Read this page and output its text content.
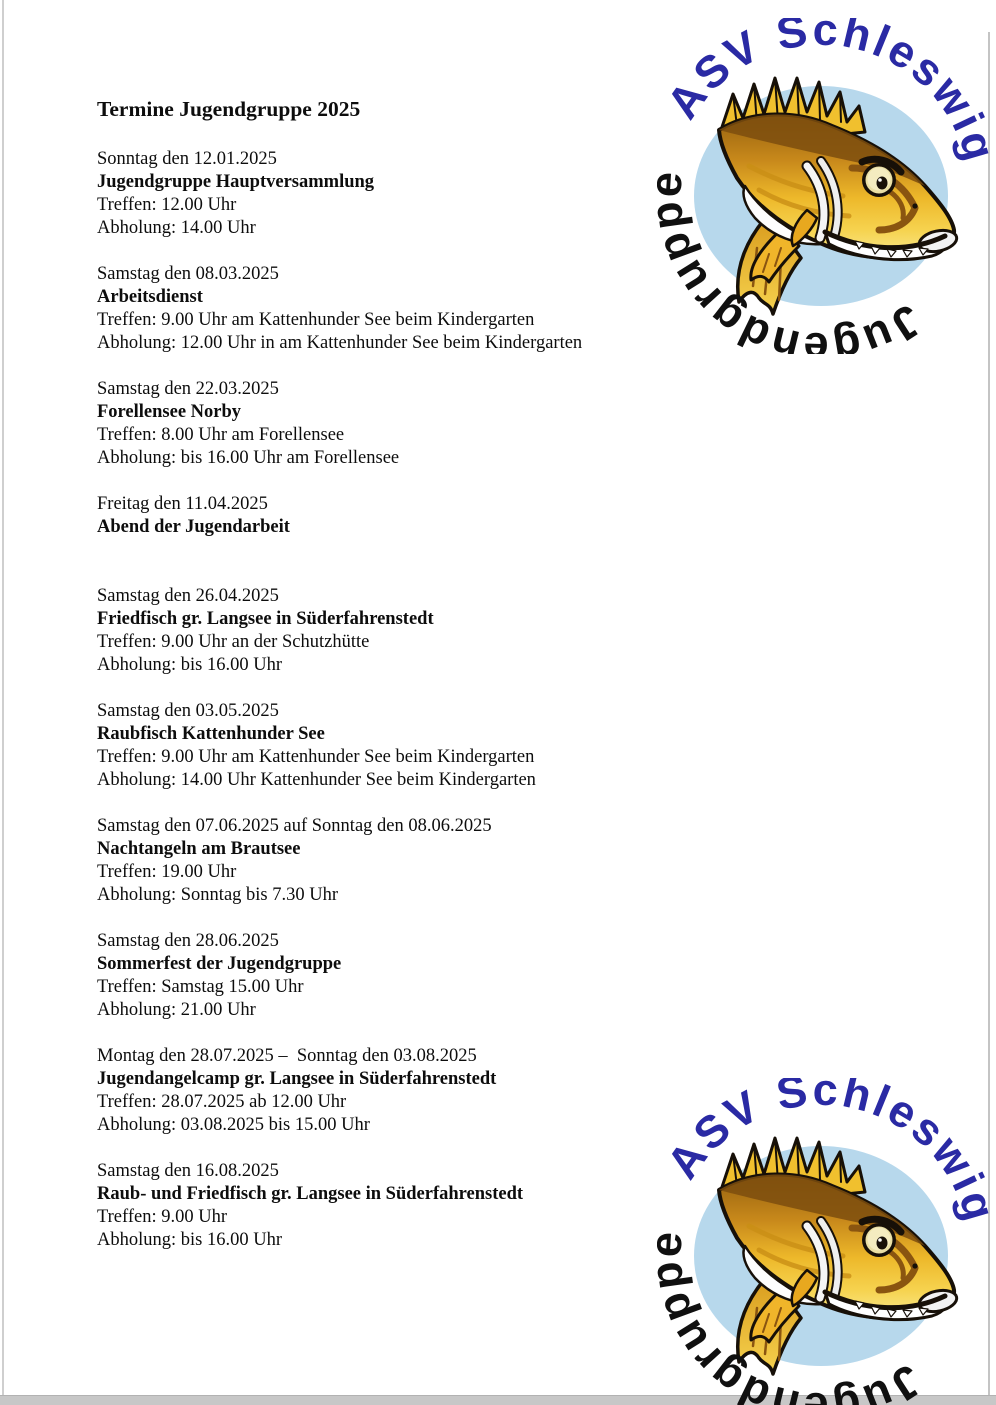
Termine Jugendgruppe 2025
Sonntag den 12.01.2025
Jugendgruppe Hauptversammlung
Treffen: 12.00 Uhr
Abholung: 14.00 Uhr
Samstag den 08.03.2025
Arbeitsdienst
Treffen: 9.00 Uhr am Kattenhunder See beim Kindergarten
Abholung: 12.00 Uhr in am Kattenhunder See beim Kindergarten
Samstag den 22.03.2025
Forellensee Norby
Treffen: 8.00 Uhr am Forellensee
Abholung: bis 16.00 Uhr am Forellensee
Freitag den 11.04.2025
Abend der Jugendarbeit
Samstag den 26.04.2025
Friedfisch gr. Langsee in Süderfahrenstedt
Treffen: 9.00 Uhr an der Schutzhütte
Abholung: bis 16.00 Uhr
Samstag den 03.05.2025
Raubfisch Kattenhunder See
Treffen: 9.00 Uhr am Kattenhunder See beim Kindergarten
Abholung: 14.00 Uhr Kattenhunder See beim Kindergarten
Samstag den 07.06.2025 auf Sonntag den 08.06.2025
Nachtangeln am Brautsee
Treffen: 19.00 Uhr
Abholung: Sonntag bis 7.30 Uhr
Samstag den 28.06.2025
Sommerfest der Jugendgruppe
Treffen: Samstag 15.00 Uhr
Abholung: 21.00 Uhr
Montag den 28.07.2025 –  Sonntag den 03.08.2025
Jugendangelcamp gr. Langsee in Süderfahrenstedt
Treffen: 28.07.2025 ab 12.00 Uhr
Abholung: 03.08.2025 bis 15.00 Uhr
Samstag den 16.08.2025
Raub- und Friedfisch gr. Langsee in Süderfahrenstedt
Treffen: 9.00 Uhr
Abholung: bis 16.00 Uhr
